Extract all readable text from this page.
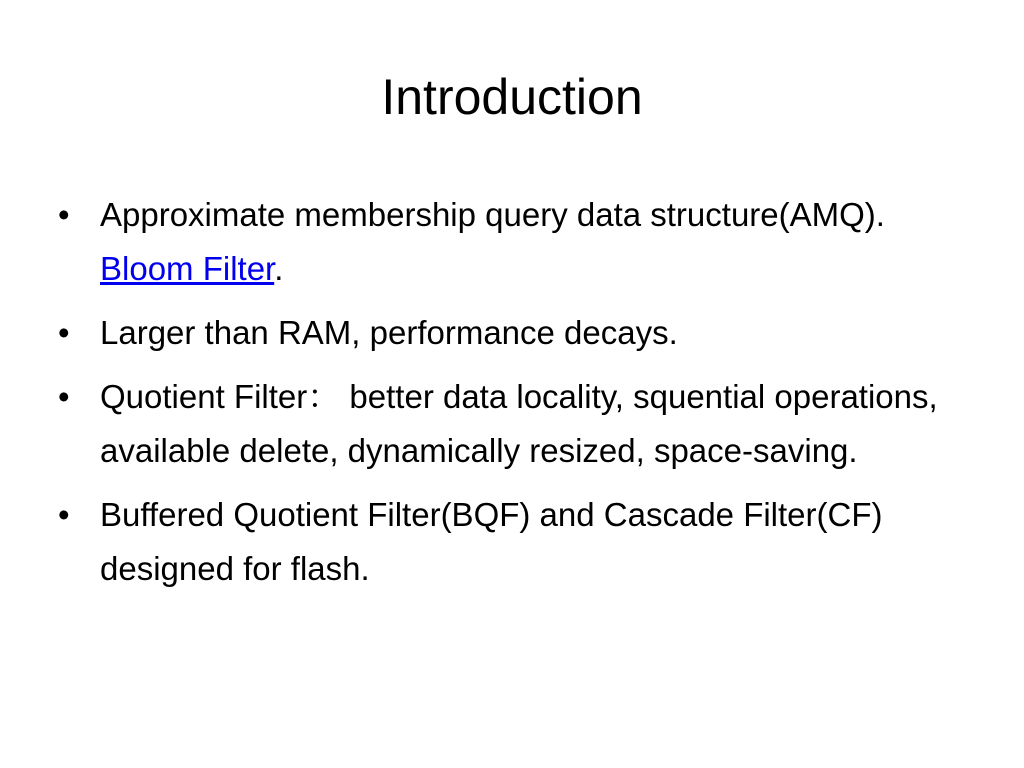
Introduction
• Approximate membership query data structure(AMQ). Bloom Filter.
• Larger than RAM, performance decays.
• Quotient Filter： better data locality, squential operations, available delete, dynamically resized, space-saving.
• Buffered Quotient Filter(BQF) and Cascade Filter(CF) designed for flash.
